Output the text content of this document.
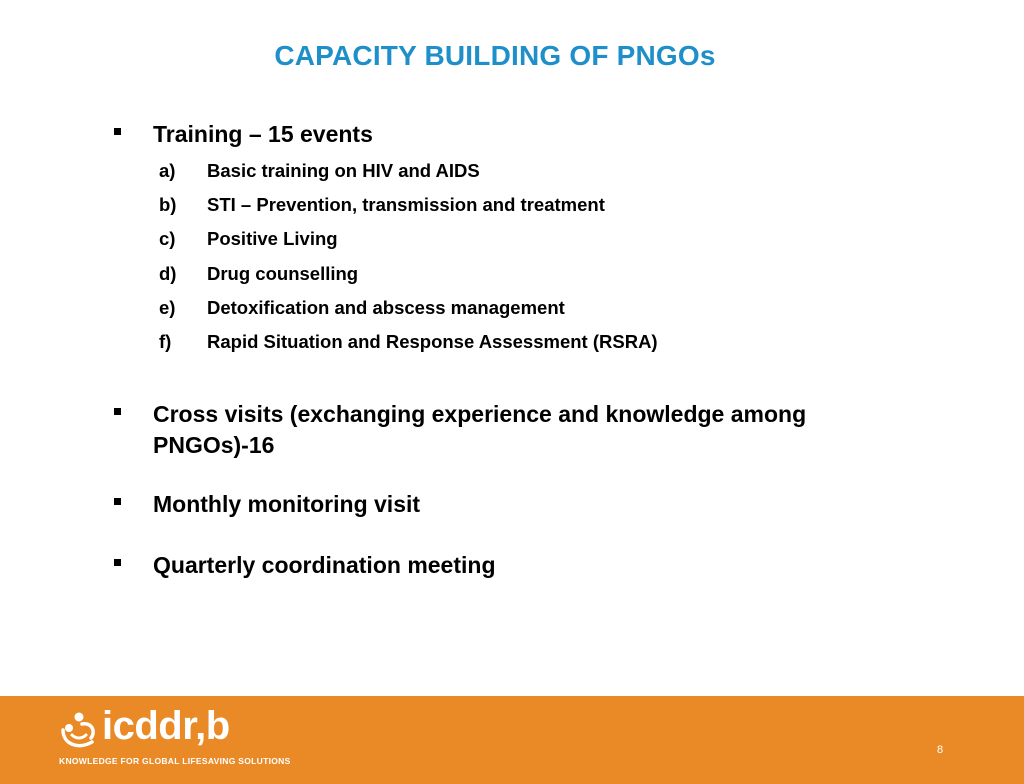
CAPACITY BUILDING OF PNGOs
Training – 15 events
a) Basic training on HIV and AIDS
b) STI – Prevention, transmission and treatment
c) Positive Living
d) Drug counselling
e) Detoxification and abscess management
f) Rapid Situation and Response Assessment (RSRA)
Cross visits (exchanging experience and knowledge among
PNGOs)-16
Monthly monitoring visit
Quarterly coordination meeting
icddr,b
KNOWLEDGE FOR GLOBAL LIFESAVING SOLUTIONS
8
